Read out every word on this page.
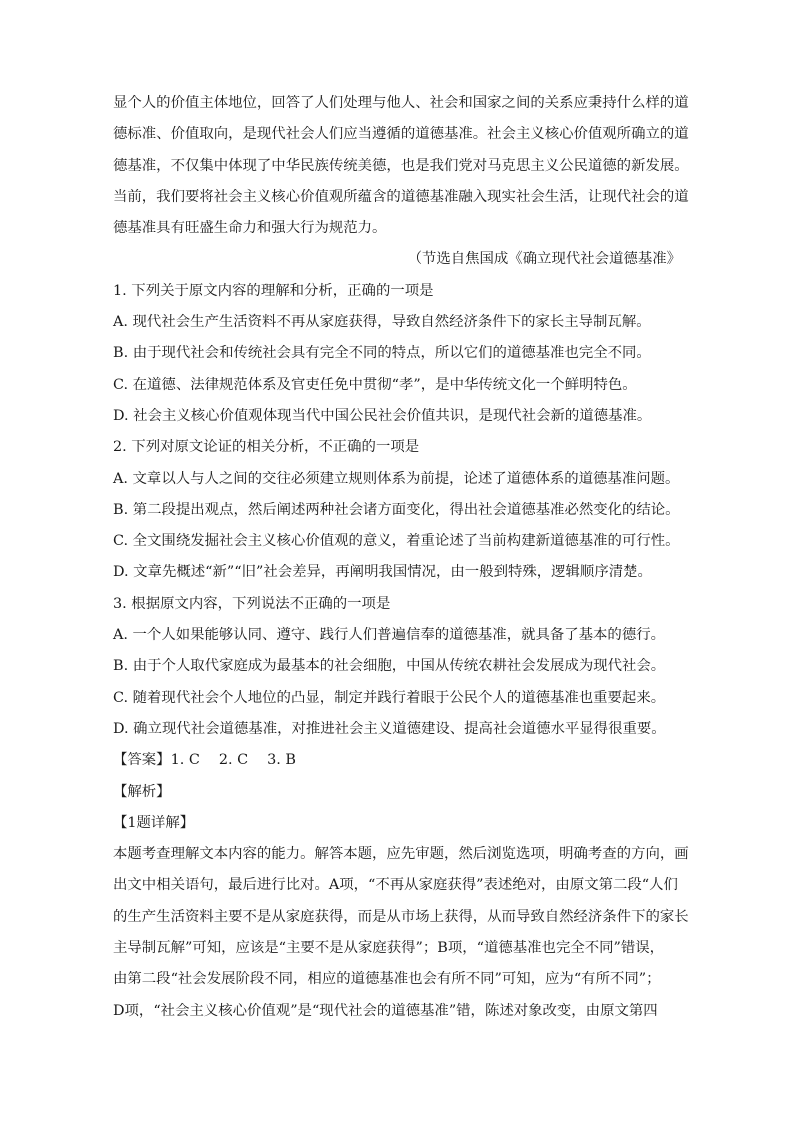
显个人的价值主体地位，回答了人们处理与他人、社会和国家之间的关系应秉持什么样的道
德标准、价值取向，是现代社会人们应当遵循的道德基准。社会主义核心价值观所确立的道
德基准，不仅集中体现了中华民族传统美德，也是我们党对马克思主义公民道德的新发展。
当前，我们要将社会主义核心价值观所蕴含的道德基准融入现实社会生活，让现代社会的道
德基准具有旺盛生命力和强大行为规范力。

（节选自焦国成《确立现代社会道德基准》

1. 下列关于原文内容的理解和分析，正确的一项是

A. 现代社会生产生活资料不再从家庭获得，导致自然经济条件下的家长主导制瓦解。

B. 由于现代社会和传统社会具有完全不同的特点，所以它们的道德基准也完全不同。

C. 在道德、法律规范体系及官吏任免中贯彻“孝”，是中华传统文化一个鲜明特色。

D. 社会主义核心价值观体现当代中国公民社会价值共识，是现代社会新的道德基准。

2. 下列对原文论证的相关分析，不正确的一项是

A. 文章以人与人之间的交往必须建立规则体系为前提，论述了道德体系的道德基准问题。

B. 第二段提出观点，然后阐述两种社会诸方面变化，得出社会道德基准必然变化的结论。

C. 全文围绕发掘社会主义核心价值观的意义，着重论述了当前构建新道德基准的可行性。

D. 文章先概述“新”“旧”社会差异，再阐明我国情况，由一般到特殊，逻辑顺序清楚。

3. 根据原文内容，下列说法不正确的一项是

A. 一个人如果能够认同、遵守、践行人们普遍信奉的道德基准，就具备了基本的德行。

B. 由于个人取代家庭成为最基本的社会细胞，中国从传统农耕社会发展成为现代社会。

C. 随着现代社会个人地位的凸显，制定并践行着眼于公民个人的道德基准也重要起来。

D. 确立现代社会道德基准，对推进社会主义道德建设、提高社会道德水平显得很重要。

【答案】1. C　 2. C　 3. B

【解析】

【1题详解】

本题考查理解文本内容的能力。解答本题，应先审题，然后浏览选项，明确考查的方向，画
出文中相关语句，最后进行比对。A项，“不再从家庭获得”表述绝对，由原文第二段“人们
的生产生活资料主要不是从家庭获得，而是从市场上获得，从而导致自然经济条件下的家长
主导制瓦解”可知，应该是“主要不是从家庭获得”；B项，“道德基准也完全不同”错误，
由第二段“社会发展阶段不同，相应的道德基准也会有所不同”可知，应为“有所不同”；
D项，“社会主义核心价值观”是“现代社会的道德基准”错，陈述对象改变，由原文第四
